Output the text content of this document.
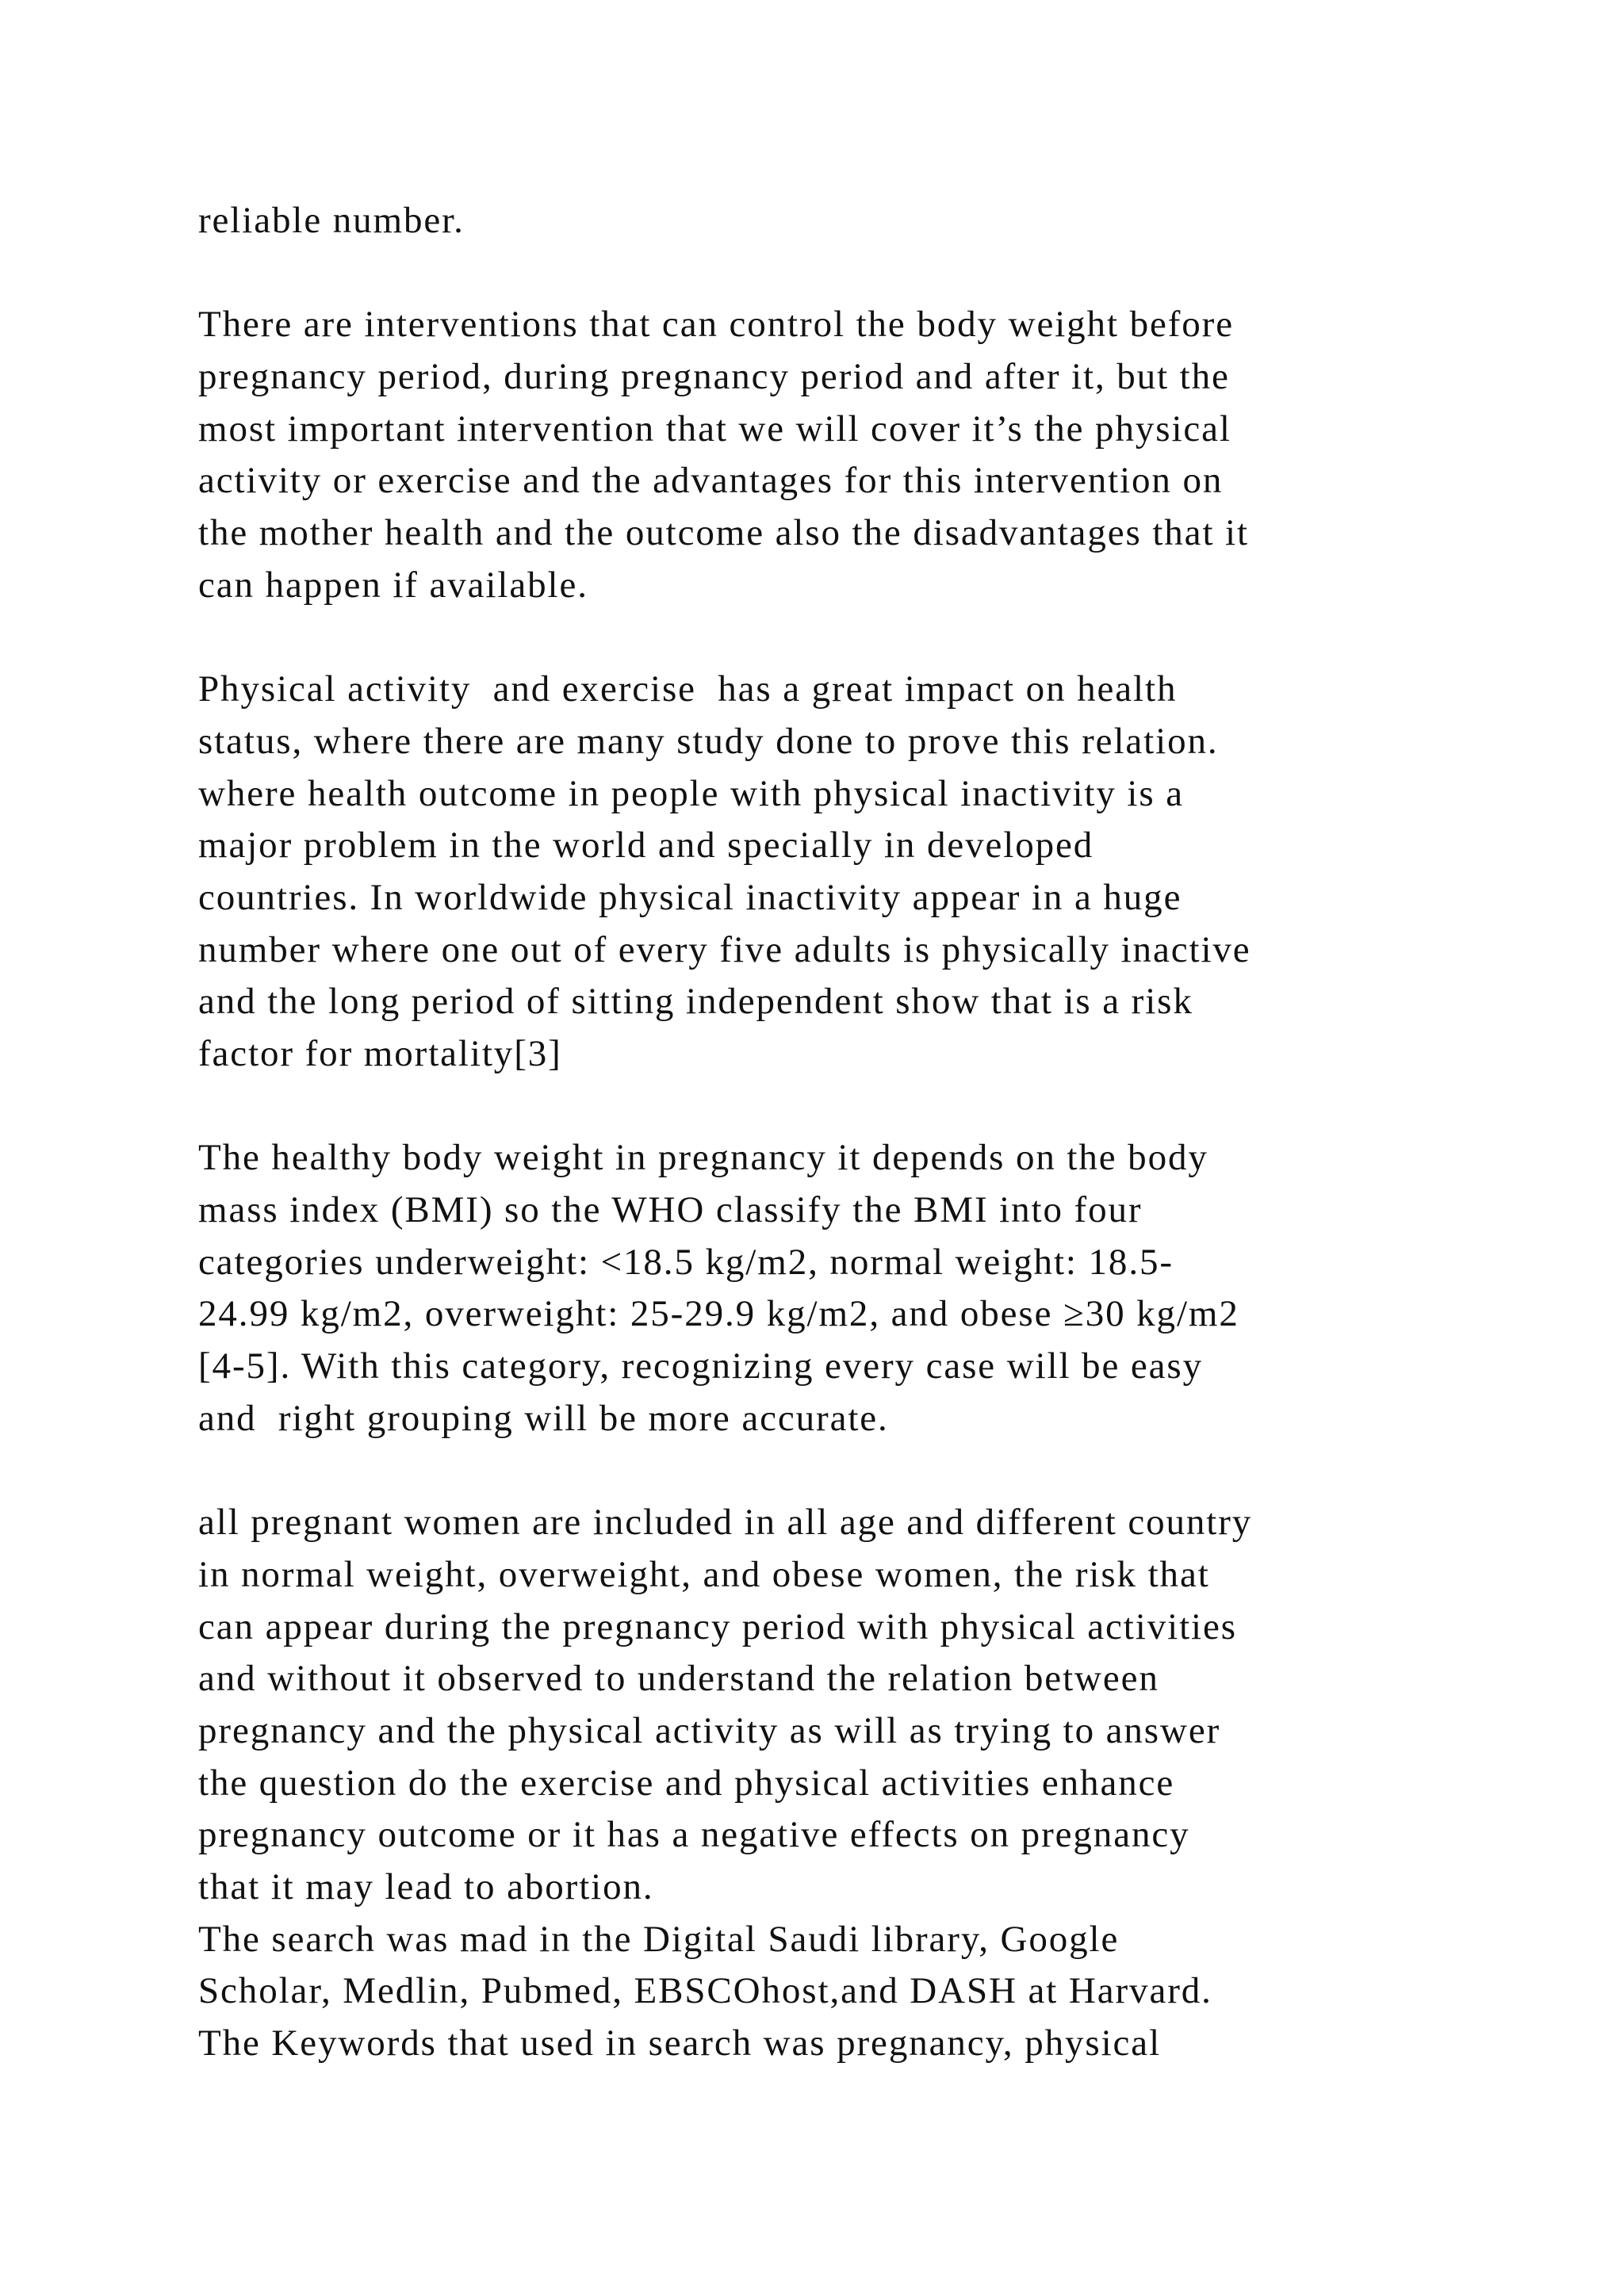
reliable number.
There are interventions that can control the body weight before
pregnancy period, during pregnancy period and after it, but the
most important intervention that we will cover it’s the physical
activity or exercise and the advantages for this intervention on
the mother health and the outcome also the disadvantages that it
can happen if available.
Physical activity  and exercise  has a great impact on health
status, where there are many study done to prove this relation.
where health outcome in people with physical inactivity is a
major problem in the world and specially in developed
countries. In worldwide physical inactivity appear in a huge
number where one out of every five adults is physically inactive
and the long period of sitting independent show that is a risk
factor for mortality[3]
The healthy body weight in pregnancy it depends on the body
mass index (BMI) so the WHO classify the BMI into four
categories underweight: <18.5 kg/m2, normal weight: 18.5-
24.99 kg/m2, overweight: 25-29.9 kg/m2, and obese ≥30 kg/m2
[4-5]. With this category, recognizing every case will be easy
and  right grouping will be more accurate.
all pregnant women are included in all age and different country
in normal weight, overweight, and obese women, the risk that
can appear during the pregnancy period with physical activities
and without it observed to understand the relation between
pregnancy and the physical activity as will as trying to answer
the question do the exercise and physical activities enhance
pregnancy outcome or it has a negative effects on pregnancy
that it may lead to abortion.
The search was mad in the Digital Saudi library, Google
Scholar, Medlin, Pubmed, EBSCOhost,and DASH at Harvard.
The Keywords that used in search was pregnancy, physical
